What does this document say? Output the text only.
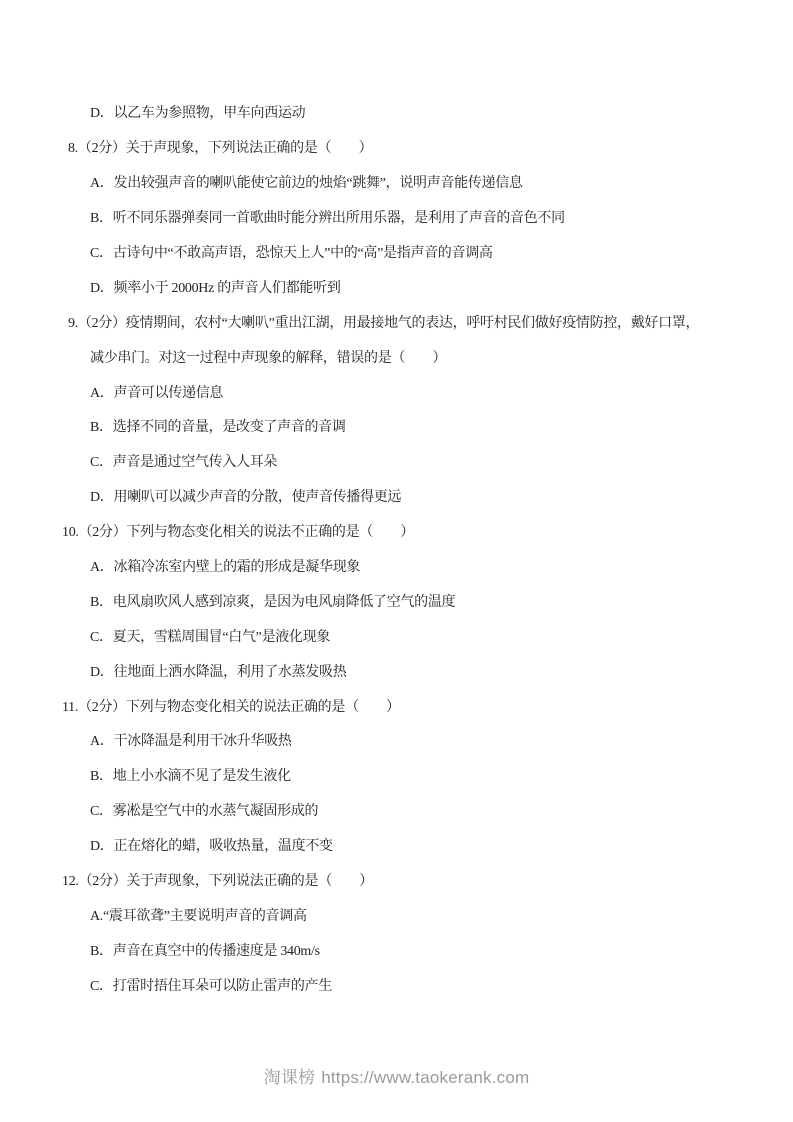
D．以乙车为参照物，甲车向西运动
8.（2分）关于声现象，下列说法正确的是（　　）
A．发出较强声音的喇叭能使它前边的烛焰“跳舞”，说明声音能传递信息
B．听不同乐器弹奏同一首歌曲时能分辨出所用乐器，是利用了声音的音色不同
C．古诗句中“不敢高声语，恐惊天上人”中的“高”是指声音的音调高
D．频率小于 2000Hz 的声音人们都能听到
9.（2分）疫情期间，农村“大喇叭”重出江湖，用最接地气的表达，呼吁村民们做好疫情防控，戴好口罩，
减少串门。对这一过程中声现象的解释，错误的是（　　）
A．声音可以传递信息
B．选择不同的音量，是改变了声音的音调
C．声音是通过空气传入人耳朵
D．用喇叭可以减少声音的分散，使声音传播得更远
10.（2分）下列与物态变化相关的说法不正确的是（　　）
A．冰箱冷冻室内壁上的霜的形成是凝华现象
B．电风扇吹风人感到凉爽，是因为电风扇降低了空气的温度
C．夏天，雪糕周围冒“白气”是液化现象
D．往地面上洒水降温，利用了水蒸发吸热
11.（2分）下列与物态变化相关的说法正确的是（　　）
A．干冰降温是利用干冰升华吸热
B．地上小水滴不见了是发生液化
C．雾凇是空气中的水蒸气凝固形成的
D．正在熔化的蜡，吸收热量，温度不变
12.（2分）关于声现象，下列说法正确的是（　　）
A.“震耳欲聋”主要说明声音的音调高
B．声音在真空中的传播速度是 340m/s
C．打雷时捂住耳朵可以防止雷声的产生
淘课榜 https://www.taokerank.com
